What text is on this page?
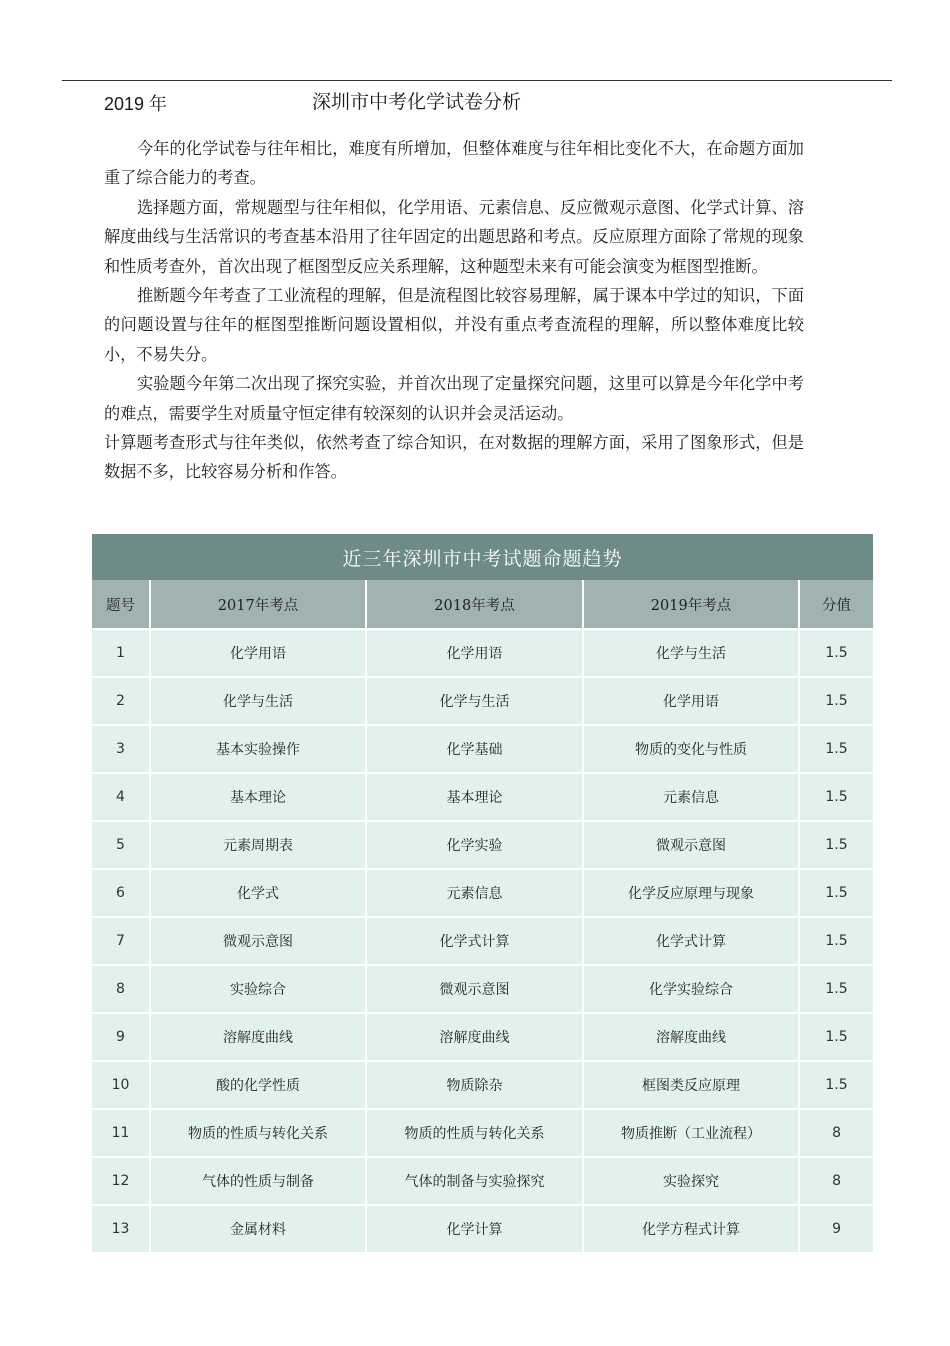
2019 年	深圳市中考化学试卷分析

今年的化学试卷与往年相比，难度有所增加，但整体难度与往年相比变化不大，在命题方面加重了综合能力的考查。

选择题方面，常规题型与往年相似，化学用语、元素信息、反应微观示意图、化学式计算、溶解度曲线与生活常识的考查基本沿用了往年固定的出题思路和考点。反应原理方面除了常规的现象和性质考查外，首次出现了框图型反应关系理解，这种题型未来有可能会演变为框图型推断。

推断题今年考查了工业流程的理解，但是流程图比较容易理解，属于课本中学过的知识，下面的问题设置与往年的框图型推断问题设置相似，并没有重点考查流程的理解，所以整体难度比较小，不易失分。

实验题今年第二次出现了探究实验，并首次出现了定量探究问题，这里可以算是今年化学中考的难点，需要学生对质量守恒定律有较深刻的认识并会灵活运动。

计算题考查形式与往年类似，依然考查了综合知识，在对数据的理解方面，采用了图象形式，但是数据不多，比较容易分析和作答。

近三年深圳市中考试题命题趋势				
题号	2017年考点	2018年考点	2019年考点	分值
1	化学用语	化学用语	化学与生活	1.5
2	化学与生活	化学与生活	化学用语	1.5
3	基本实验操作	化学基础	物质的变化与性质	1.5
4	基本理论	基本理论	元素信息	1.5
5	元素周期表	化学实验	微观示意图	1.5
6	化学式	元素信息	化学反应原理与现象	1.5
7	微观示意图	化学式计算	化学式计算	1.5
8	实验综合	微观示意图	化学实验综合	1.5
9	溶解度曲线	溶解度曲线	溶解度曲线	1.5
10	酸的化学性质	物质除杂	框图类反应原理	1.5
11	物质的性质与转化关系	物质的性质与转化关系	物质推断（工业流程）	8
12	气体的性质与制备	气体的制备与实验探究	实验探究	8
13	金属材料	化学计算	化学方程式计算	9
